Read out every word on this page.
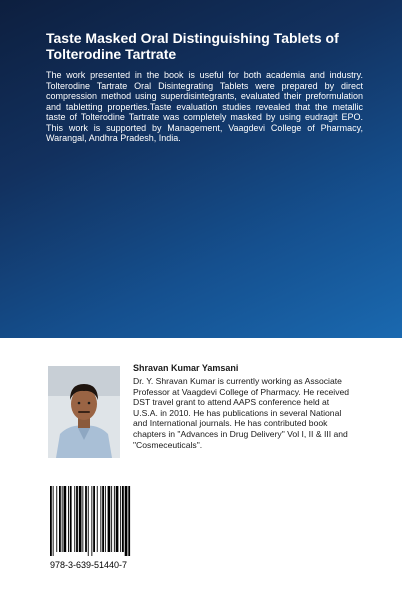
Taste Masked Oral Distinguishing Tablets of Tolterodine Tartrate

The work presented in the book is useful for both academia and industry. Tolterodine Tartrate Oral Disintegrating Tablets were prepared by direct compression method using superdisintegrants, evaluated their preformulation and tabletting properties.Taste evaluation studies revealed that the metallic taste of Tolterodine Tartrate was completely masked by using eudragit EPO. This work is supported by Management, Vaagdevi College of Pharmacy, Warangal, Andhra Pradesh, India.

Shravan Kumar Yamsani

Dr. Y. Shravan Kumar is currently working as Associate Professor at Vaagdevi College of Pharmacy. He received DST travel grant to attend AAPS conference held at U.S.A. in 2010. He has publications in several National and International journals. He has contributed book chapters in "Advances in Drug Delivery" Vol I, II & III and "Cosmeceuticals".

978-3-639-51440-7
